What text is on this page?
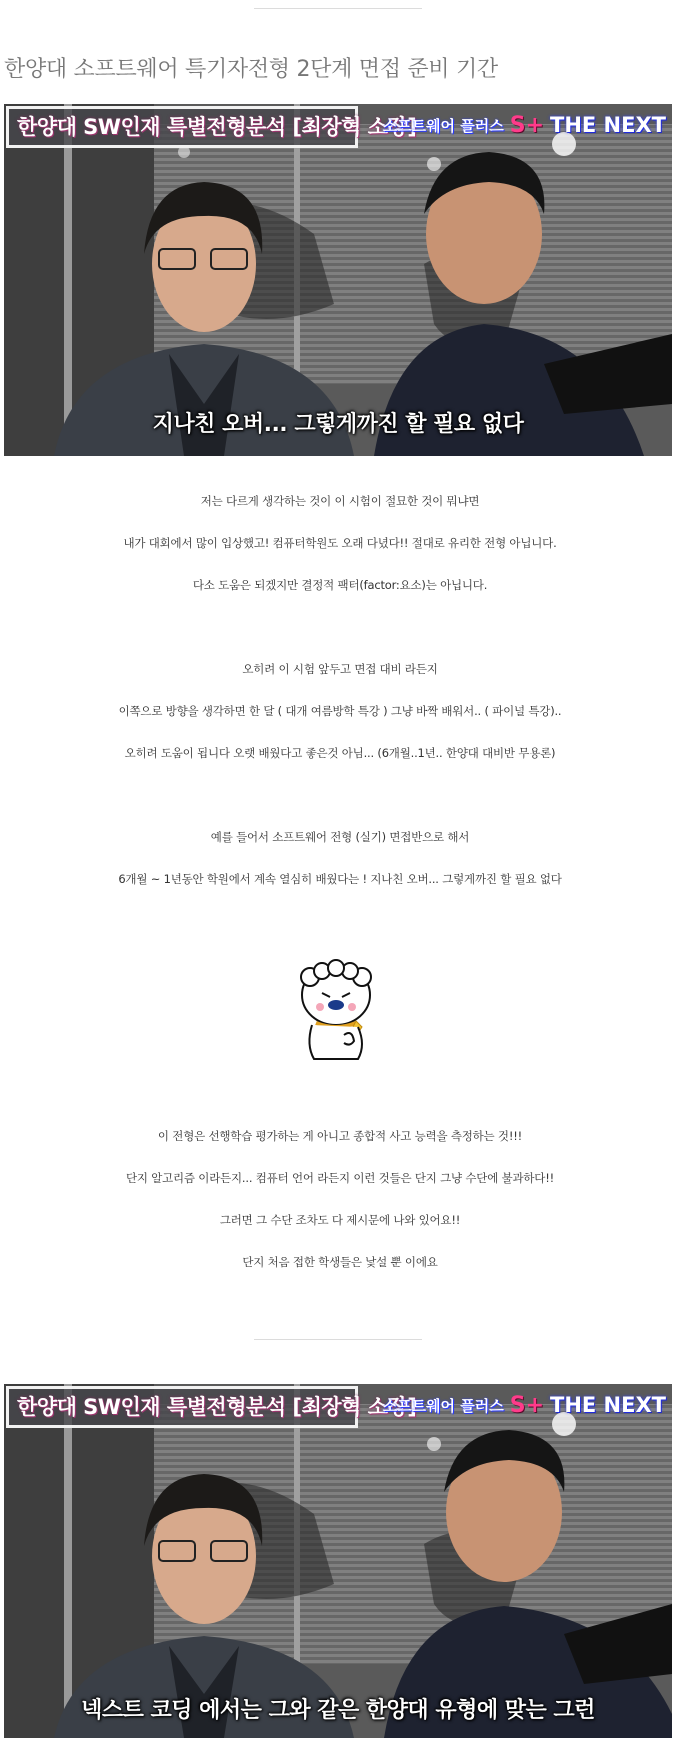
한양대 소프트웨어 특기자전형 2단계 면접 준비 기간
한양대 SW인재 특별전형분석 [최장혁 소장]
소프트웨어 플러스 S+ THE NEXT
지나친 오버... 그렇게까진 할 필요 없다

저는 다르게 생각하는 것이 이 시험이 절묘한 것이 뭐냐면

내가 대회에서 많이 입상했고! 컴퓨터학원도 오래 다녔다!! 절대로 유리한 전형 아닙니다.

다소 도움은 되겠지만 결정적 팩터(factor:요소)는 아닙니다.

오히려 이 시험 앞두고 면접 대비 라든지

이쪽으로 방향을 생각하면 한 달 ( 대개 여름방학 특강 ) 그냥 바짝 배워서.. ( 파이널 특강)..

오히려 도움이 됩니다 오랫 배웠다고 좋은것 아님... (6개월..1년.. 한양대 대비반 무용론)

예를 들어서 소프트웨어 전형 (실기) 면접반으로 해서

6개월 ~ 1년동안 학원에서 계속 열심히 배웠다는 ! 지나친 오버... 그렇게까진 할 필요 없다

이 전형은 선행학습 평가하는 게 아니고 종합적 사고 능력을 측정하는 것!!!

단지 알고리즘 이라든지... 컴퓨터 언어 라든지 이런 것들은 단지 그냥 수단에 불과하다!!

그러면 그 수단 조차도 다 제시문에 나와 있어요!!

단지 처음 접한 학생들은 낯설 뿐 이에요

한양대 SW인재 특별전형분석 [최장혁 소장]
소프트웨어 플러스 S+ THE NEXT
넥스트 코딩 에서는 그와 같은 한양대 유형에 맞는 그런
